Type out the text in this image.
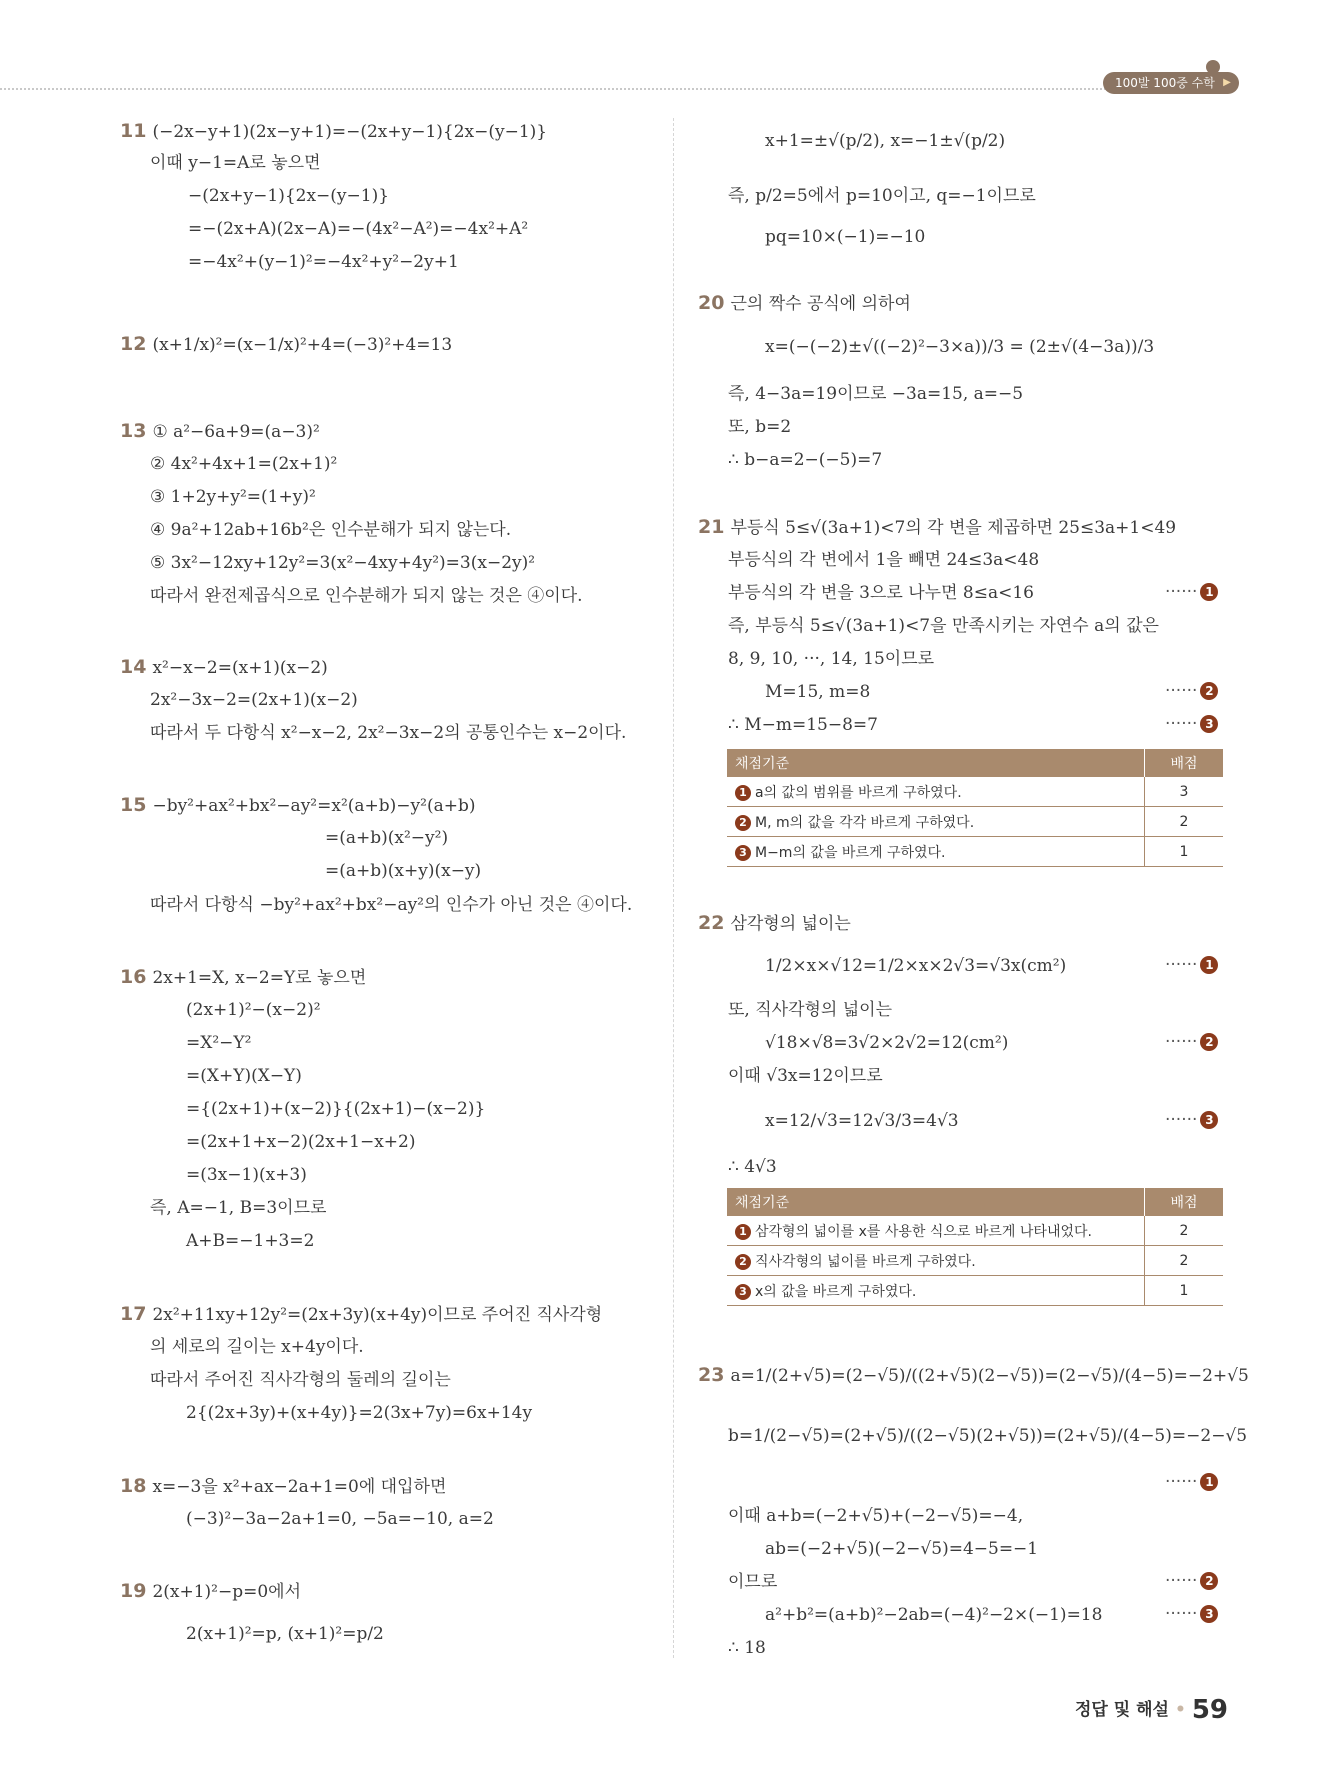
100발 100중 수학 ▶
11 (−2x−y+1)(2x−y+1)=−(2x+y−1){2x−(y−1)}
이때 y−1=A로 놓으면
−(2x+y−1){2x−(y−1)}
=−(2x+A)(2x−A)=−(4x²−A²)=−4x²+A²
=−4x²+(y−1)²=−4x²+y²−2y+1
12 (x+1/x)²=(x−1/x)²+4=(−3)²+4=13
13 ① a²−6a+9=(a−3)²
② 4x²+4x+1=(2x+1)²
③ 1+2y+y²=(1+y)²
④ 9a²+12ab+16b²은 인수분해가 되지 않는다.
⑤ 3x²−12xy+12y²=3(x²−4xy+4y²)=3(x−2y)²
따라서 완전제곱식으로 인수분해가 되지 않는 것은 ④이다.
14 x²−x−2=(x+1)(x−2)
2x²−3x−2=(2x+1)(x−2)
따라서 두 다항식 x²−x−2, 2x²−3x−2의 공통인수는 x−2이다.
15 −by²+ax²+bx²−ay²=x²(a+b)−y²(a+b)
=(a+b)(x²−y²)
=(a+b)(x+y)(x−y)
따라서 다항식 −by²+ax²+bx²−ay²의 인수가 아닌 것은 ④이다.
16 2x+1=X, x−2=Y로 놓으면
(2x+1)²−(x−2)²
=X²−Y²
=(X+Y)(X−Y)
={(2x+1)+(x−2)}{(2x+1)−(x−2)}
=(2x+1+x−2)(2x+1−x+2)
=(3x−1)(x+3)
즉, A=−1, B=3이므로
A+B=−1+3=2
17 2x²+11xy+12y²=(2x+3y)(x+4y)이므로 주어진 직사각형
의 세로의 길이는 x+4y이다.
따라서 주어진 직사각형의 둘레의 길이는
2{(2x+3y)+(x+4y)}=2(3x+7y)=6x+14y
18 x=−3을 x²+ax−2a+1=0에 대입하면
(−3)²−3a−2a+1=0, −5a=−10, a=2
19 2(x+1)²−p=0에서
2(x+1)²=p, (x+1)²=p/2
x+1=±√(p/2), x=−1±√(p/2)
즉, p/2=5에서 p=10이고, q=−1이므로
pq=10×(−1)=−10
20 근의 짝수 공식에 의하여
x=(−(−2)±√((−2)²−3×a))/3 = (2±√(4−3a))/3
즉, 4−3a=19이므로 −3a=15, a=−5
또, b=2
∴ b−a=2−(−5)=7
21 부등식 5≤√(3a+1)<7의 각 변을 제곱하면 25≤3a+1<49
부등식의 각 변에서 1을 빼면 24≤3a<48
부등식의 각 변을 3으로 나누면 8≤a<16
즉, 부등식 5≤√(3a+1)<7을 만족시키는 자연수 a의 값은
8, 9, 10, ···, 14, 15이므로
M=15, m=8
∴ M−m=15−8=7
······ 1
······ 2
······ 3
채점기준	배점
1 a의 값의 범위를 바르게 구하였다.	3
2 M, m의 값을 각각 바르게 구하였다.	2
3 M−m의 값을 바르게 구하였다.	1
22 삼각형의 넓이는
1/2×x×√12=1/2×x×2√3=√3x(cm²)
또, 직사각형의 넓이는
√18×√8=3√2×2√2=12(cm²)
이때 √3x=12이므로
x=12/√3=12√3/3=4√3
∴ 4√3
······ 1
······ 2
······ 3
채점기준	배점
1 삼각형의 넓이를 x를 사용한 식으로 바르게 나타내었다.	2
2 직사각형의 넓이를 바르게 구하였다.	2
3 x의 값을 바르게 구하였다.	1
23 a=1/(2+√5)=(2−√5)/((2+√5)(2−√5))=(2−√5)/(4−5)=−2+√5
b=1/(2−√5)=(2+√5)/((2−√5)(2+√5))=(2+√5)/(4−5)=−2−√5
이때 a+b=(−2+√5)+(−2−√5)=−4,
ab=(−2+√5)(−2−√5)=4−5=−1
이므로
a²+b²=(a+b)²−2ab=(−4)²−2×(−1)=18
∴ 18
······ 1
······ 2
······ 3
정답 및 해설 • 59
